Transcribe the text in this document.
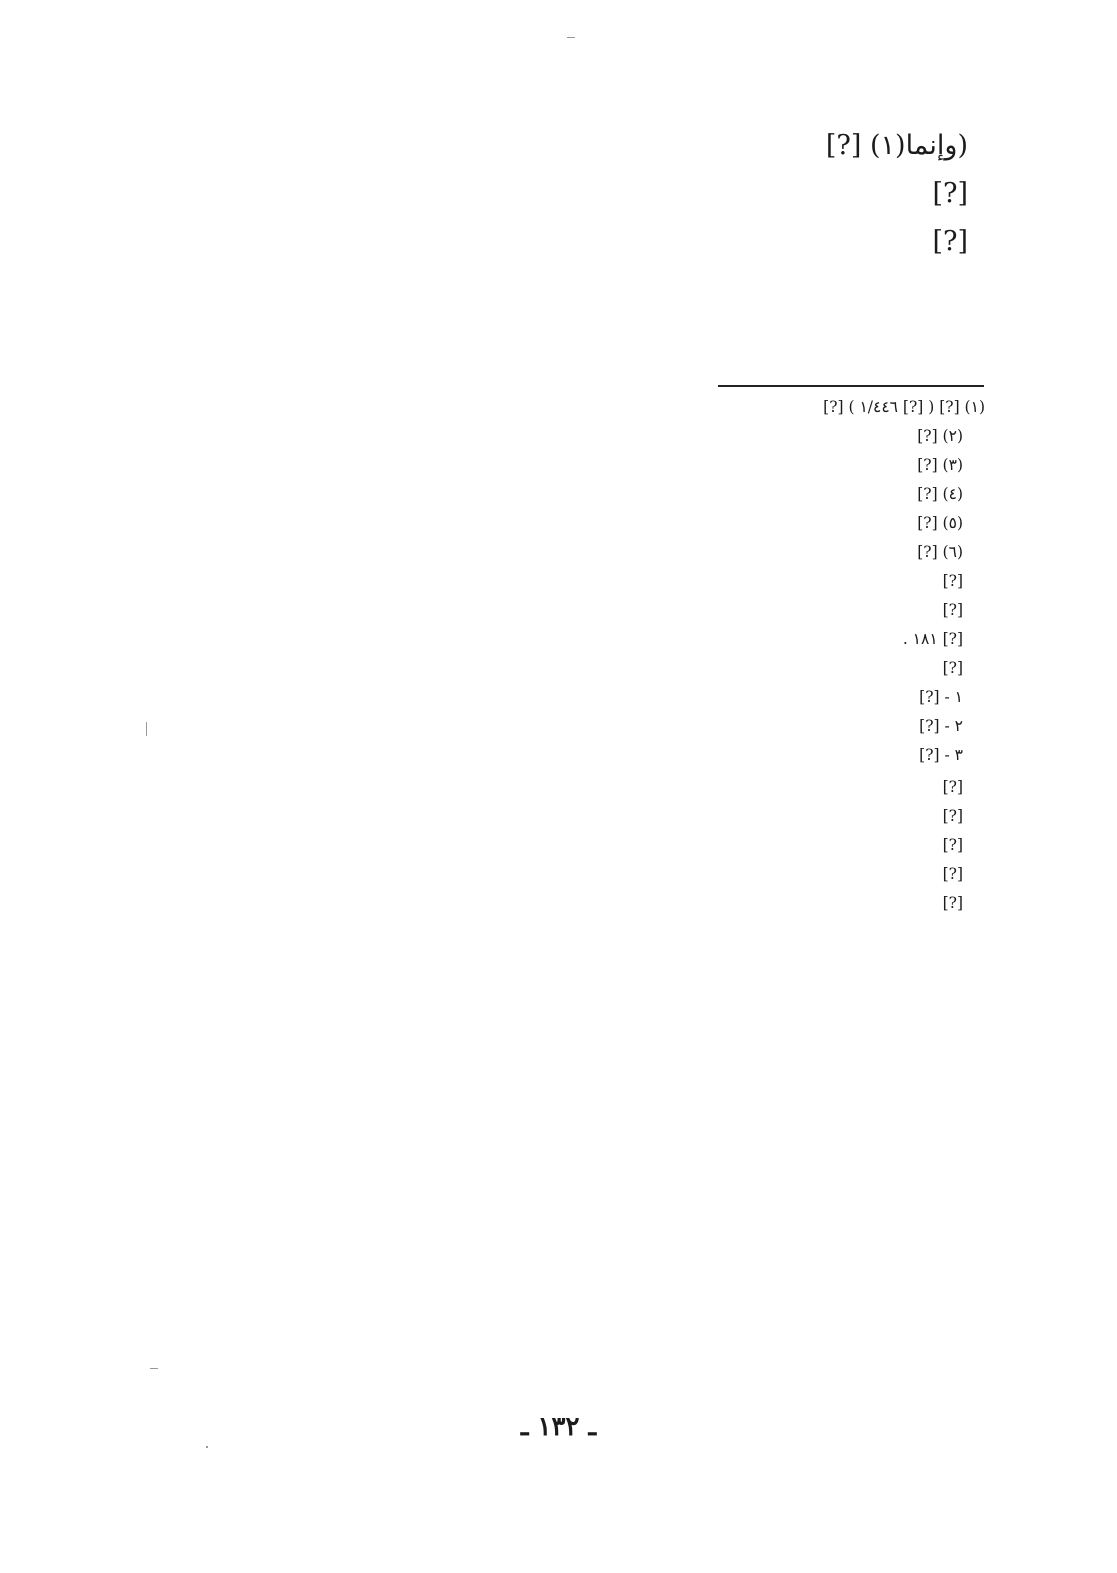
(وإنما(١) [?]
[?]
[?]

(١) [?] ( [?] ١/٤٤٦ ) [?]

(٢) [?]

(٣) [?]

(٤) [?]

(٥) [?]

(٦) [?]

[?]

[?]

[?] ١٨١ .

[?]

١ - [?]

٢ - [?]

٣ - [?]

[?]

[?]

[?]

[?]

[?]

ـ ١٣٢ ـ
